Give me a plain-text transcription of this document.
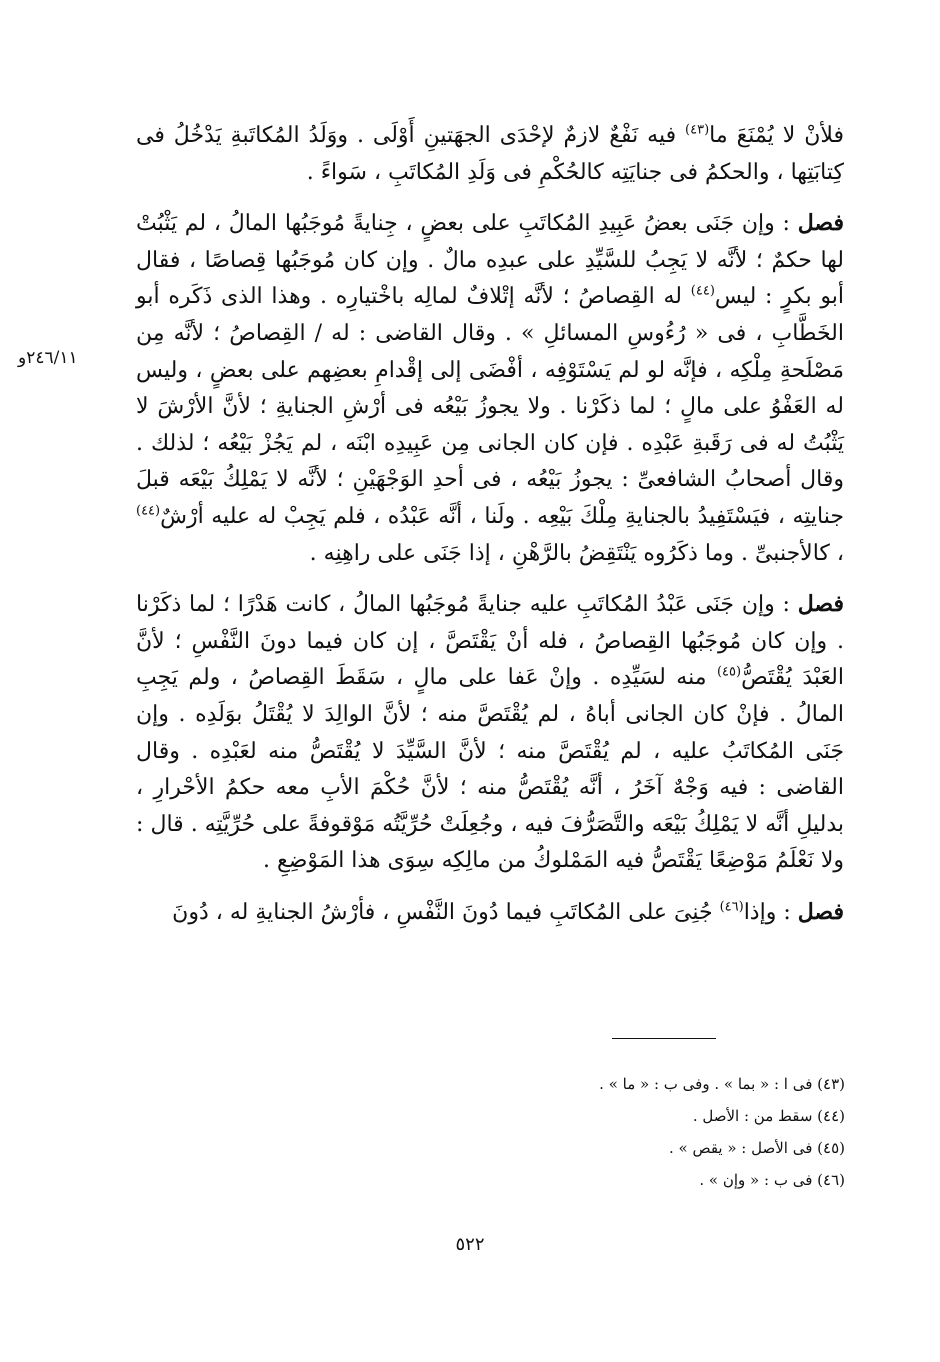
٢٤٦/١١و

فلأنْ لا يُمْنَعَ ما$^{(٤٣)}$ فيه نَفْعٌ لازمٌ لإحْدَى الجهَتينِ أَوْلَى . ووَلَدُ المُكاتَبةِ يَدْخُلُ فى كِتابَتِها ، والحكمُ فى جنايَتِه كالحُكْمِ فى وَلَدِ المُكاتَبِ ، سَواءً .

فصل : وإن جَنَى بعضُ عَبِيدِ المُكاتَبِ على بعضٍ ، جِنايةً مُوجَبُها المالُ ، لم يَثْبُتْ لها حكمٌ ؛ لأنَّه لا يَجِبُ للسَّيِّدِ على عبدِه مالٌ . وإن كان مُوجَبُها قِصاصًا ، فقال أبو بكرٍ : ليس$^{(٤٤)}$ له القِصاصُ ؛ لأنَّه إتْلافٌ لمالِه باخْتيارِه . وهذا الذى ذَكَره أبو الخَطَّابِ ، فى « رُءُوسِ المسائلِ » . وقال القاضى : له / القِصاصُ ؛ لأنَّه مِن مَصْلَحةِ مِلْكِه ، فإنَّه لو لم يَسْتَوْفِه ، أفْضَى إلى إقْدامِ بعضِهم على بعضٍ ، وليس له العَفْوُ على مالٍ ؛ لما ذكَرْنا . ولا يجوزُ بَيْعُه فى أرْشِ الجنايةِ ؛ لأنَّ الأرْشَ لا يَثْبُتُ له فى رَقَبةِ عَبْدِه . فإن كان الجانى مِن عَبِيدِه ابْنَه ، لم يَجُزْ بَيْعُه ؛ لذلك . وقال أصحابُ الشافعىِّ : يجوزُ بَيْعُه ، فى أحدِ الوَجْهَيْنِ ؛ لأنَّه لا يَمْلِكُ بَيْعَه قبلَ جنايتِه ، فيَسْتَفِيدُ بالجنايةِ مِلْكَ بَيْعِه . ولَنا ، أنَّه عَبْدُه ، فلم يَجِبْ له عليه أرْشٌ$^{(٤٤)}$ ، كالأجنبىِّ . وما ذكَرُوه يَنْتَقِضُ بالرَّهْنِ ، إذا جَنَى على راهِنِه .

فصل : وإن جَنَى عَبْدُ المُكاتَبِ عليه جنايةً مُوجَبُها المالُ ، كانت هَدْرًا ؛ لما ذكَرْنا . وإن كان مُوجَبُها القِصاصُ ، فله أنْ يَقْتَصَّ ، إن كان فيما دونَ النَّفْسِ ؛ لأنَّ العَبْدَ يُقْتَصُّ$^{(٤٥)}$ منه لسَيِّدِه . وإنْ عَفا على مالٍ ، سَقَطَ القِصاصُ ، ولم يَجِبِ المالُ . فإنْ كان الجانى أباهُ ، لم يُقْتَصَّ منه ؛ لأنَّ الوالِدَ لا يُقْتَلُ بوَلَدِه . وإن جَنَى المُكاتَبُ عليه ، لم يُقْتَصَّ منه ؛ لأنَّ السَّيِّدَ لا يُقْتَصُّ منه لعَبْدِه . وقال القاضى : فيه وَجْهٌ آخَرُ ، أنَّه يُقْتَصُّ منه ؛ لأنَّ حُكْمَ الأبِ معه حكمُ الأحْرارِ ، بدليلِ أنَّه لا يَمْلِكُ بَيْعَه والتَّصَرُّفَ فيه ، وجُعِلَتْ حُرِّيَّتُه مَوْقوفةً على حُرِّيَّتِه . قال : ولا نَعْلَمُ مَوْضِعًا يَقْتَصُّ فيه المَمْلوكُ من مالِكِه سِوَى هذا المَوْضِعِ .

فصل : وإذا$^{(٤٦)}$ جُنِىَ على المُكاتَبِ فيما دُونَ النَّفْسِ ، فأرْشُ الجنايةِ له ، دُونَ

(٤٣) فى ا : « بما » . وفى ب : « ما » .

(٤٤) سقط من : الأصل .

(٤٥) فى الأصل : « يقص » .

(٤٦) فى ب : « وإن » .

٥٢٢
